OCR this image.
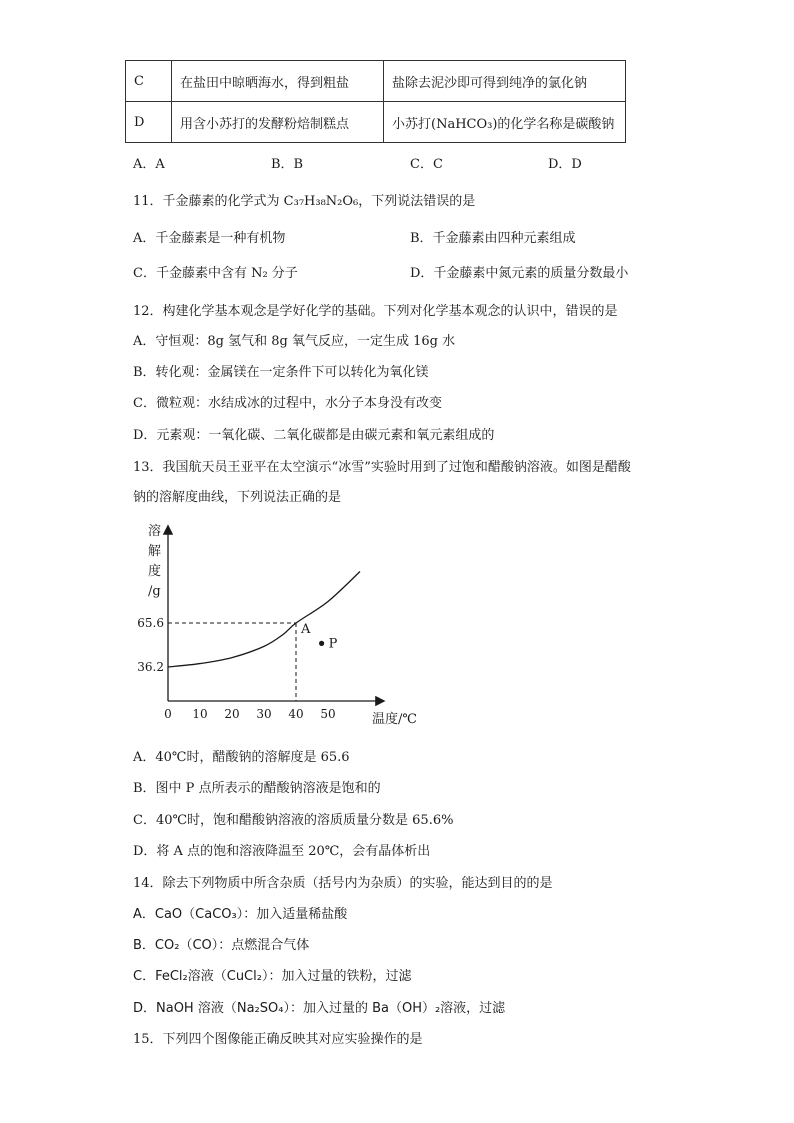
C	在盐田中晾晒海水，得到粗盐	盐除去泥沙即可得到纯净的氯化钠
D	用含小苏打的发酵粉焙制糕点	小苏打(NaHCO₃)的化学名称是碳酸钠
A．A	B．B	C．C	D．D
11．千金藤素的化学式为 C₃₇H₃₈N₂O₆，下列说法错误的是
A．千金藤素是一种有机物	B．千金藤素由四种元素组成
C．千金藤素中含有 N₂ 分子	D．千金藤素中氮元素的质量分数最小
12．构建化学基本观念是学好化学的基础。下列对化学基本观念的认识中，错误的是
A．守恒观：8g 氢气和 8g 氧气反应，一定生成 16g 水
B．转化观：金属镁在一定条件下可以转化为氧化镁
C．微粒观：水结成冰的过程中，水分子本身没有改变
D．元素观：一氧化碳、二氧化碳都是由碳元素和氧元素组成的
13．我国航天员王亚平在太空演示“冰雪”实验时用到了过饱和醋酸钠溶液。如图是醋酸
钠的溶解度曲线，下列说法正确的是
溶
解
度
/g
温度/℃
0 10 20 30 40 50
36.2
65.6	A
P
A．40℃时，醋酸钠的溶解度是 65.6
B．图中 P 点所表示的醋酸钠溶液是饱和的
C．40℃时，饱和醋酸钠溶液的溶质质量分数是 65.6%
D．将 A 点的饱和溶液降温至 20℃，会有晶体析出
14．除去下列物质中所含杂质（括号内为杂质）的实验，能达到目的的是
A．CaO（CaCO₃）：加入适量稀盐酸
B．CO₂（CO）：点燃混合气体
C．FeCl₂溶液（CuCl₂）：加入过量的铁粉，过滤
D．NaOH 溶液（Na₂SO₄）：加入过量的 Ba（OH）₂溶液，过滤
15．下列四个图像能正确反映其对应实验操作的是
